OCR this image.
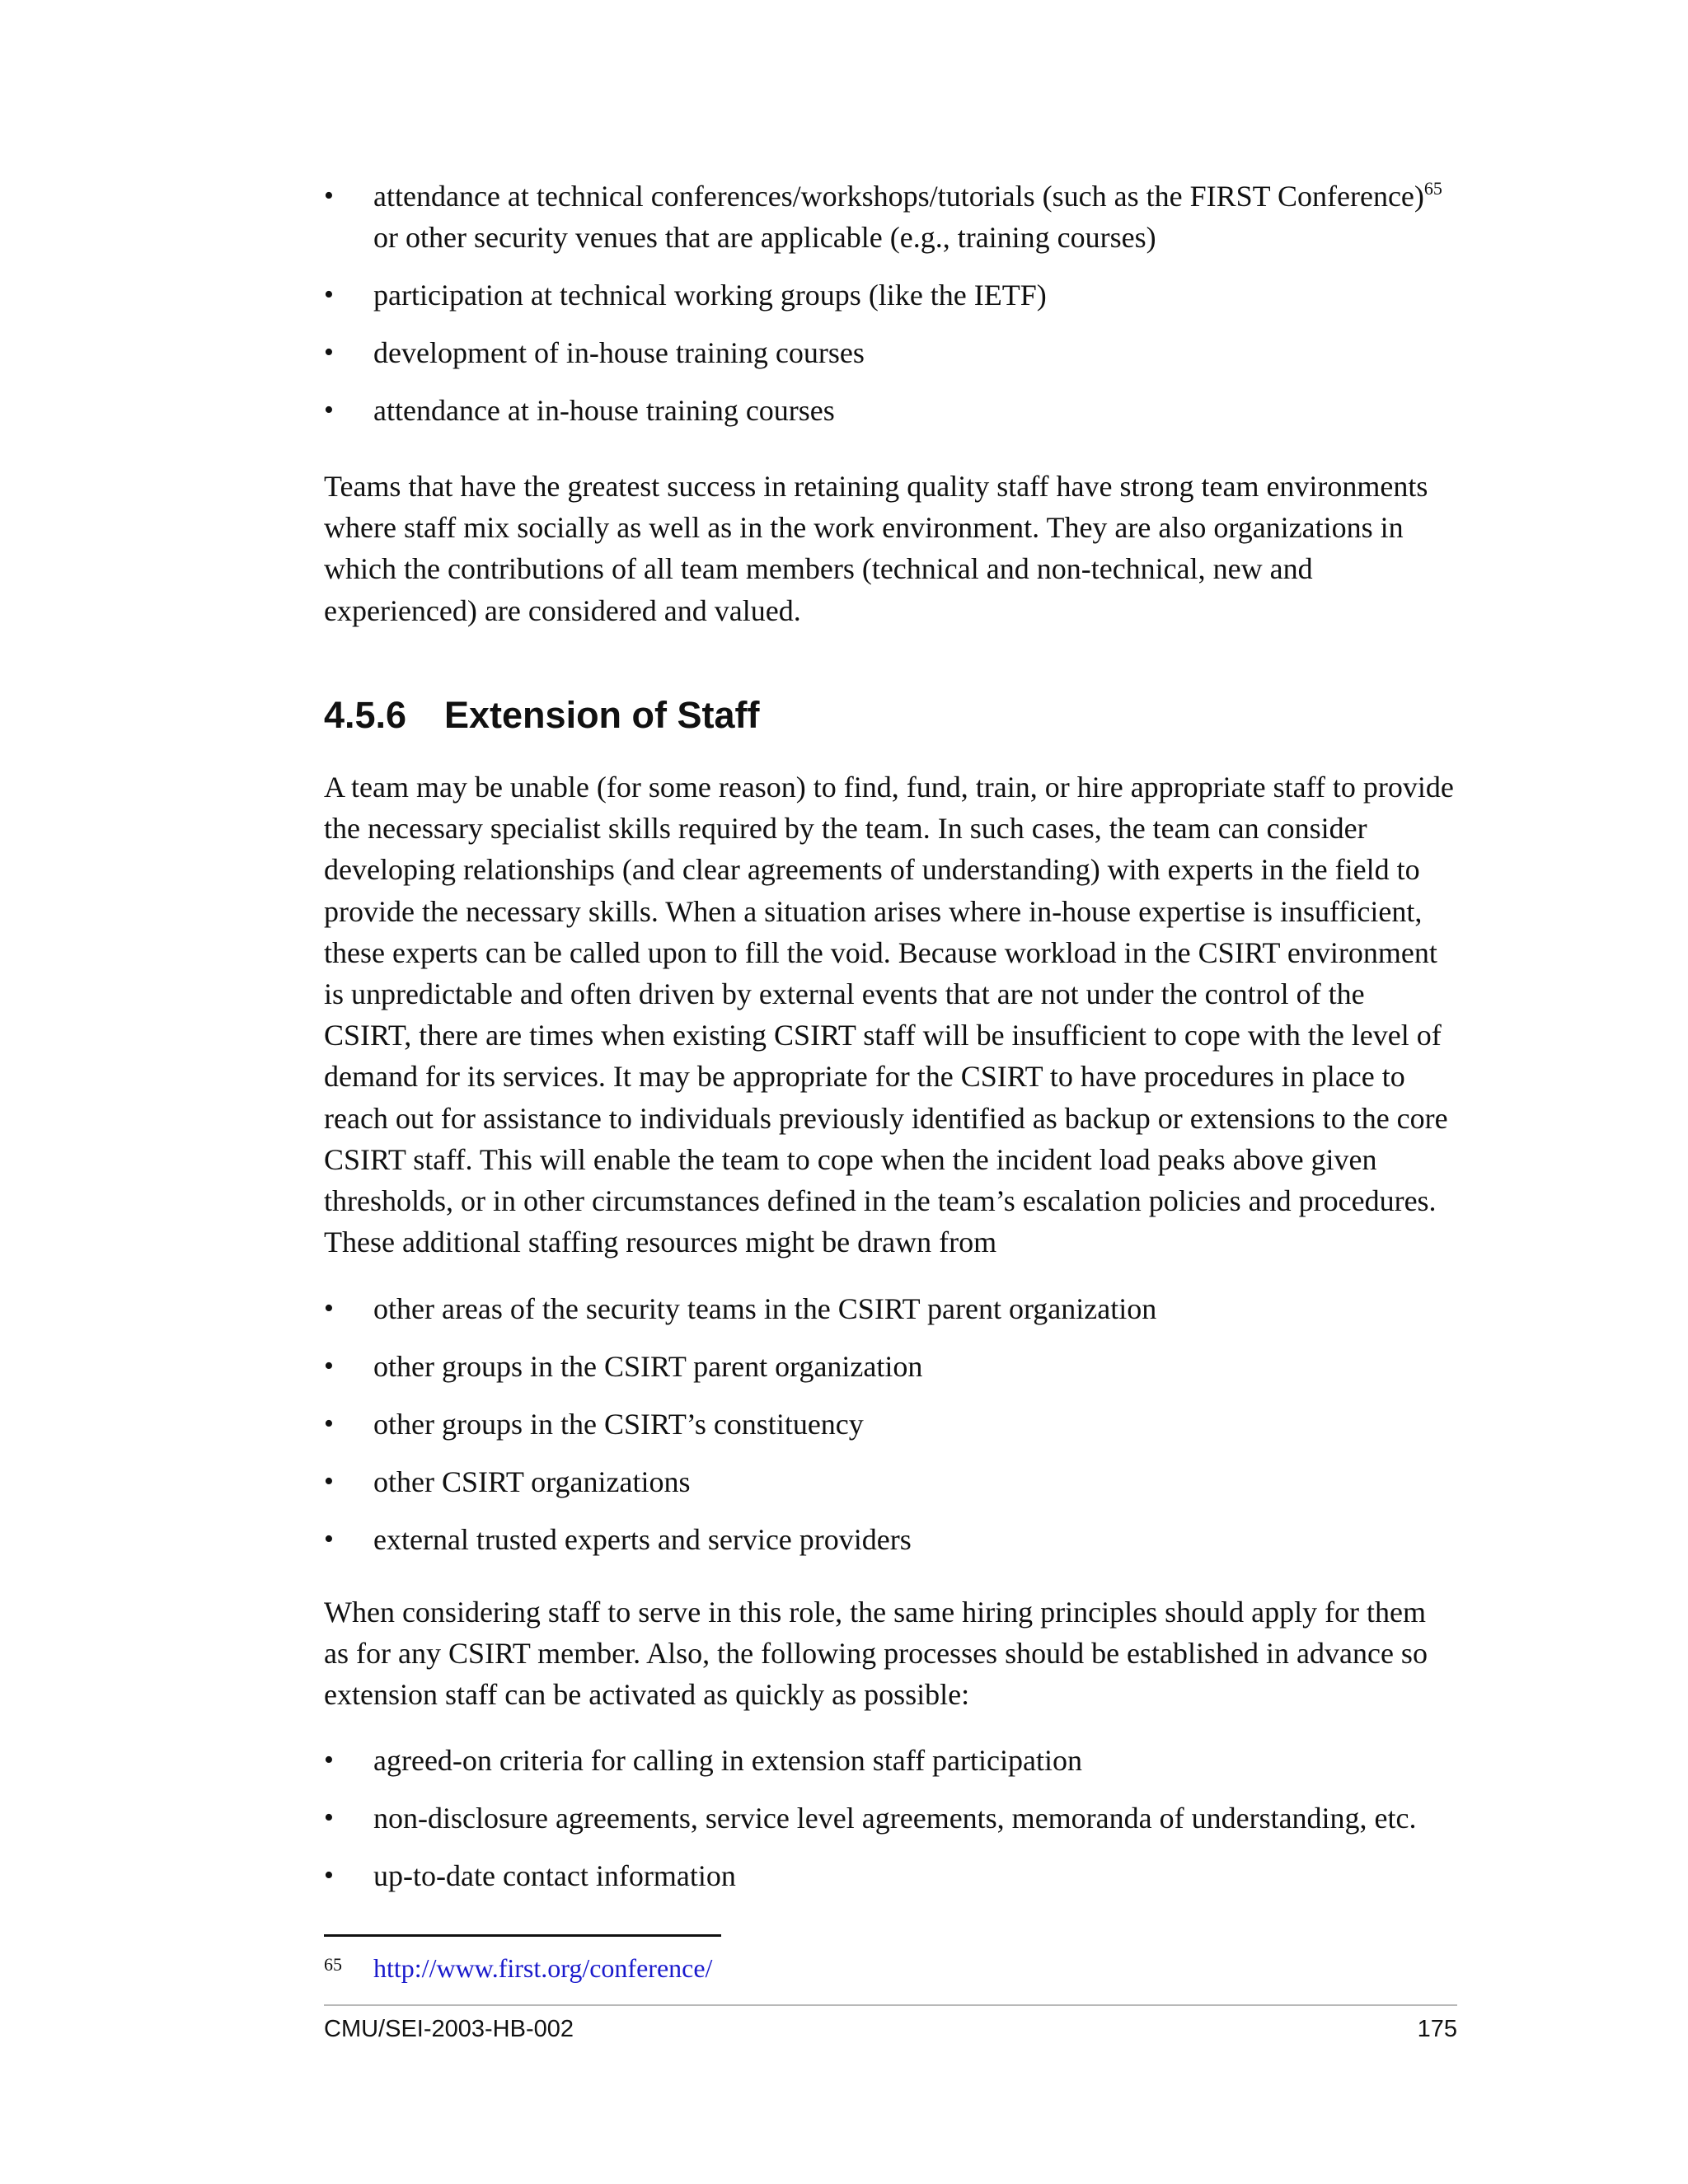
•	attendance at technical conferences/workshops/tutorials (such as the FIRST Conference)$^{65}$ or other security venues that are applicable (e.g., training courses)
•	participation at technical working groups (like the IETF)
•	development of in-house training courses
•	attendance at in-house training courses

Teams that have the greatest success in retaining quality staff have strong team environments where staff mix socially as well as in the work environment. They are also organizations in which the contributions of all team members (technical and non-technical, new and experienced) are considered and valued.

4.5.6 Extension of Staff

A team may be unable (for some reason) to find, fund, train, or hire appropriate staff to provide the necessary specialist skills required by the team. In such cases, the team can consider developing relationships (and clear agreements of understanding) with experts in the field to provide the necessary skills. When a situation arises where in-house expertise is insufficient, these experts can be called upon to fill the void. Because workload in the CSIRT environment is unpredictable and often driven by external events that are not under the control of the CSIRT, there are times when existing CSIRT staff will be insufficient to cope with the level of demand for its services. It may be appropriate for the CSIRT to have procedures in place to reach out for assistance to individuals previously identified as backup or extensions to the core CSIRT staff. This will enable the team to cope when the incident load peaks above given thresholds, or in other circumstances defined in the team’s escalation policies and procedures. These additional staffing resources might be drawn from

•	other areas of the security teams in the CSIRT parent organization
•	other groups in the CSIRT parent organization
•	other groups in the CSIRT’s constituency
•	other CSIRT organizations
•	external trusted experts and service providers

When considering staff to serve in this role, the same hiring principles should apply for them as for any CSIRT member. Also, the following processes should be established in advance so extension staff can be activated as quickly as possible:

•	agreed-on criteria for calling in extension staff participation
•	non-disclosure agreements, service level agreements, memoranda of understanding, etc.
•	up-to-date contact information
65 http://www.first.org/conference/
CMU/SEI-2003-HB-002	175
